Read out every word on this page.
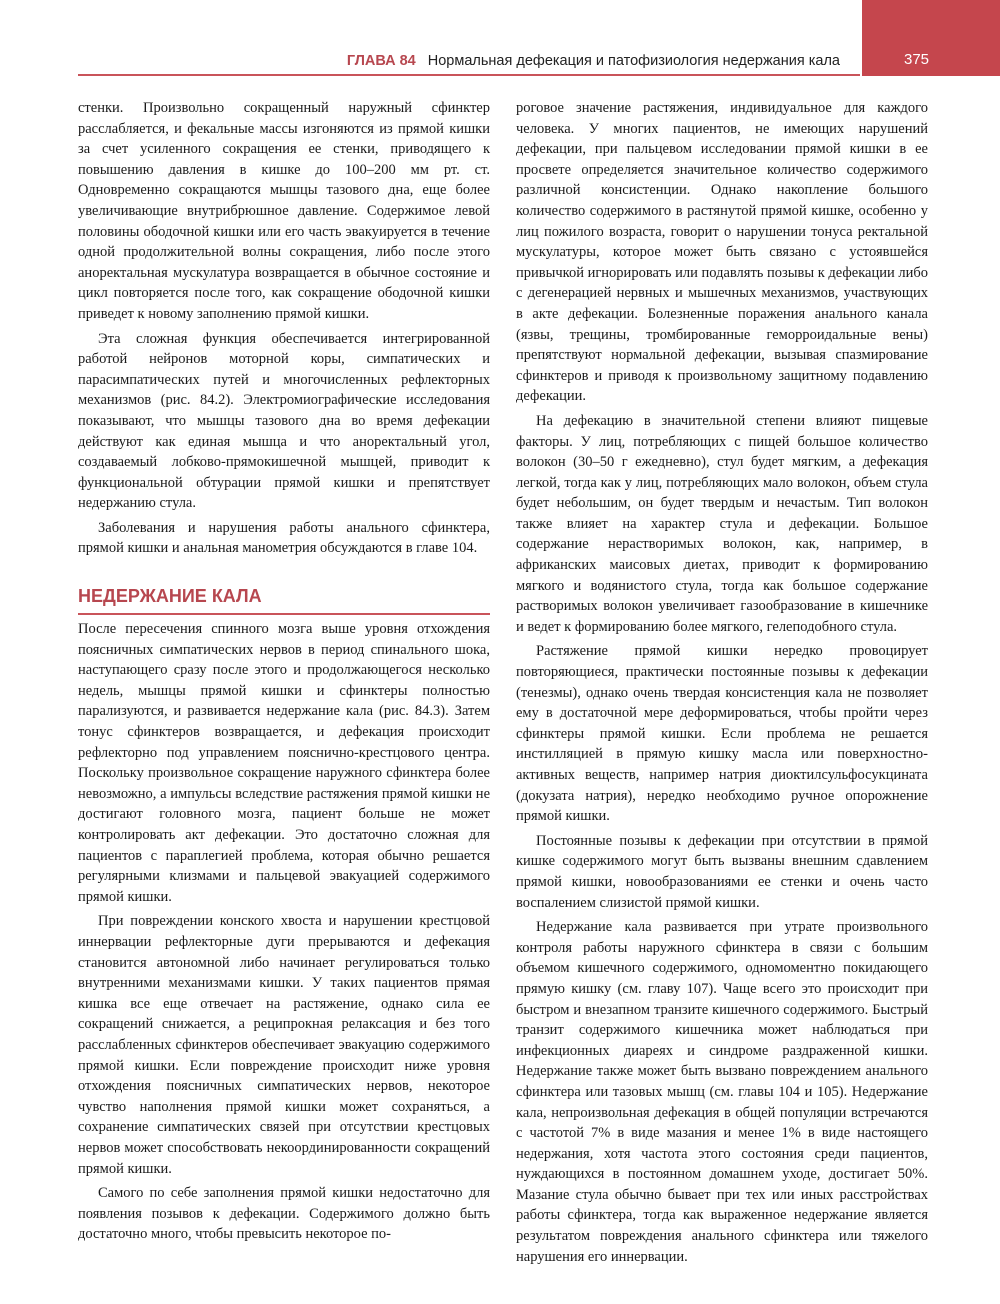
ГЛАВА 84 Нормальная дефекация и патофизиология недержания кала	375

стенки. Произвольно сокращенный наружный сфинктер расслабляется, и фекальные массы изгоняются из прямой кишки за счет усиленного сокращения ее стенки, приводящего к повышению давления в кишке до 100–200 мм рт. ст. Одновременно сокращаются мышцы тазового дна, еще более увеличивающие внутрибрюшное давление. Содержимое левой половины ободочной кишки или его часть эвакуируется в течение одной продолжительной волны сокращения, либо после этого аноректальная мускулатура возвращается в обычное состояние и цикл повторяется после того, как сокращение ободочной кишки приведет к новому заполнению прямой кишки.

Эта сложная функция обеспечивается интегрированной работой нейронов моторной коры, симпатических и парасимпатических путей и многочисленных рефлекторных механизмов (рис. 84.2). Электромиографические исследования показывают, что мышцы тазового дна во время дефекации действуют как единая мышца и что аноректальный угол, создаваемый лобково-прямокишечной мышцей, приводит к функциональной обтурации прямой кишки и препятствует недержанию стула.

Заболевания и нарушения работы анального сфинктера, прямой кишки и анальная манометрия обсуждаются в главе 104.

НЕДЕРЖАНИЕ КАЛА

После пересечения спинного мозга выше уровня отхождения поясничных симпатических нервов в период спинального шока, наступающего сразу после этого и продолжающегося несколько недель, мышцы прямой кишки и сфинктеры полностью парализуются, и развивается недержание кала (рис. 84.3). Затем тонус сфинктеров возвращается, и дефекация происходит рефлекторно под управлением пояснично-крестцового центра. Поскольку произвольное сокращение наружного сфинктера более невозможно, а импульсы вследствие растяжения прямой кишки не достигают головного мозга, пациент больше не может контролировать акт дефекации. Это достаточно сложная для пациентов с параплегией проблема, которая обычно решается регулярными клизмами и пальцевой эвакуацией содержимого прямой кишки.

При повреждении конского хвоста и нарушении крестцовой иннервации рефлекторные дуги прерываются и дефекация становится автономной либо начинает регулироваться только внутренними механизмами кишки. У таких пациентов прямая кишка все еще отвечает на растяжение, однако сила ее сокращений снижается, а реципрокная релаксация и без того расслабленных сфинктеров обеспечивает эвакуацию содержимого прямой кишки. Если повреждение происходит ниже уровня отхождения поясничных симпатических нервов, некоторое чувство наполнения прямой кишки может сохраняться, а сохранение симпатических связей при отсутствии крестцовых нервов может способствовать некоординированности сокращений прямой кишки.

Самого по себе заполнения прямой кишки недостаточно для появления позывов к дефекации. Содержимого должно быть достаточно много, чтобы превысить некоторое по-

роговое значение растяжения, индивидуальное для каждого человека. У многих пациентов, не имеющих нарушений дефекации, при пальцевом исследовании прямой кишки в ее просвете определяется значительное количество содержимого различной консистенции. Однако накопление большого количество содержимого в растянутой прямой кишке, особенно у лиц пожилого возраста, говорит о нарушении тонуса ректальной мускулатуры, которое может быть связано с устоявшейся привычкой игнорировать или подавлять позывы к дефекации либо с дегенерацией нервных и мышечных механизмов, участвующих в акте дефекации. Болезненные поражения анального канала (язвы, трещины, тромбированные геморроидальные вены) препятствуют нормальной дефекации, вызывая спазмирование сфинктеров и приводя к произвольному защитному подавлению дефекации.

На дефекацию в значительной степени влияют пищевые факторы. У лиц, потребляющих с пищей большое количество волокон (30–50 г ежедневно), стул будет мягким, а дефекация легкой, тогда как у лиц, потребляющих мало волокон, объем стула будет небольшим, он будет твердым и нечастым. Тип волокон также влияет на характер стула и дефекации. Большое содержание нерастворимых волокон, как, например, в африканских маисовых диетах, приводит к формированию мягкого и водянистого стула, тогда как большое содержание растворимых волокон увеличивает газообразование в кишечнике и ведет к формированию более мягкого, гелеподобного стула.

Растяжение прямой кишки нередко провоцирует повторяющиеся, практически постоянные позывы к дефекации (тенезмы), однако очень твердая консистенция кала не позволяет ему в достаточной мере деформироваться, чтобы пройти через сфинктеры прямой кишки. Если проблема не решается инстилляцией в прямую кишку масла или поверхностно-активных веществ, например натрия диоктилсульфосукцината (докузата натрия), нередко необходимо ручное опорожнение прямой кишки.

Постоянные позывы к дефекации при отсутствии в прямой кишке содержимого могут быть вызваны внешним сдавлением прямой кишки, новообразованиями ее стенки и очень часто воспалением слизистой прямой кишки.

Недержание кала развивается при утрате произвольного контроля работы наружного сфинктера в связи с большим объемом кишечного содержимого, одномоментно покидающего прямую кишку (см. главу 107). Чаще всего это происходит при быстром и внезапном транзите кишечного содержимого. Быстрый транзит содержимого кишечника может наблюдаться при инфекционных диареях и синдроме раздраженной кишки. Недержание также может быть вызвано повреждением анального сфинктера или тазовых мышц (см. главы 104 и 105). Недержание кала, непроизвольная дефекация в общей популяции встречаются с частотой 7% в виде мазания и менее 1% в виде настоящего недержания, хотя частота этого состояния среди пациентов, нуждающихся в постоянном домашнем уходе, достигает 50%. Мазание стула обычно бывает при тех или иных расстройствах работы сфинктера, тогда как выраженное недержание является результатом повреждения анального сфинктера или тяжелого нарушения его иннервации.
